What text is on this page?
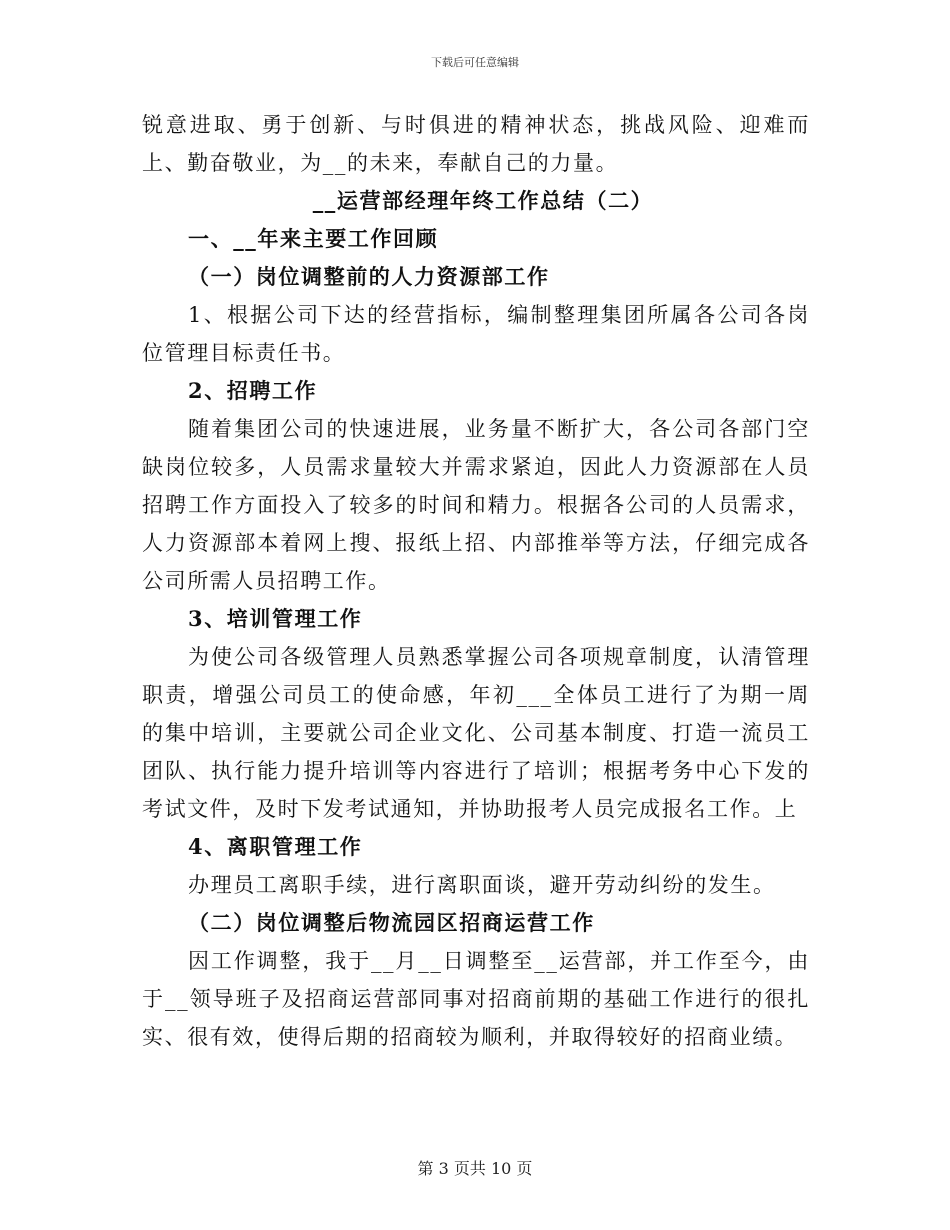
下载后可任意编辑

锐意进取、勇于创新、与时俱进的精神状态，挑战风险、迎难而上、勤奋敬业，为__的未来，奉献自己的力量。

__运营部经理年终工作总结（二）

一、__年来主要工作回顾

（一）岗位调整前的人力资源部工作

1、根据公司下达的经营指标，编制整理集团所属各公司各岗位管理目标责任书。

2、招聘工作

随着集团公司的快速进展，业务量不断扩大，各公司各部门空缺岗位较多，人员需求量较大并需求紧迫，因此人力资源部在人员招聘工作方面投入了较多的时间和精力。根据各公司的人员需求，人力资源部本着网上搜、报纸上招、内部推举等方法，仔细完成各公司所需人员招聘工作。

3、培训管理工作

为使公司各级管理人员熟悉掌握公司各项规章制度，认清管理职责，增强公司员工的使命感，年初___全体员工进行了为期一周的集中培训，主要就公司企业文化、公司基本制度、打造一流员工团队、执行能力提升培训等内容进行了培训；根据考务中心下发的考试文件，及时下发考试通知，并协助报考人员完成报名工作。上

4、离职管理工作

办理员工离职手续，进行离职面谈，避开劳动纠纷的发生。

（二）岗位调整后物流园区招商运营工作

因工作调整，我于__月__日调整至__运营部，并工作至今，由于__领导班子及招商运营部同事对招商前期的基础工作进行的很扎实、很有效，使得后期的招商较为顺利，并取得较好的招商业绩。

第 3 页共 10 页
